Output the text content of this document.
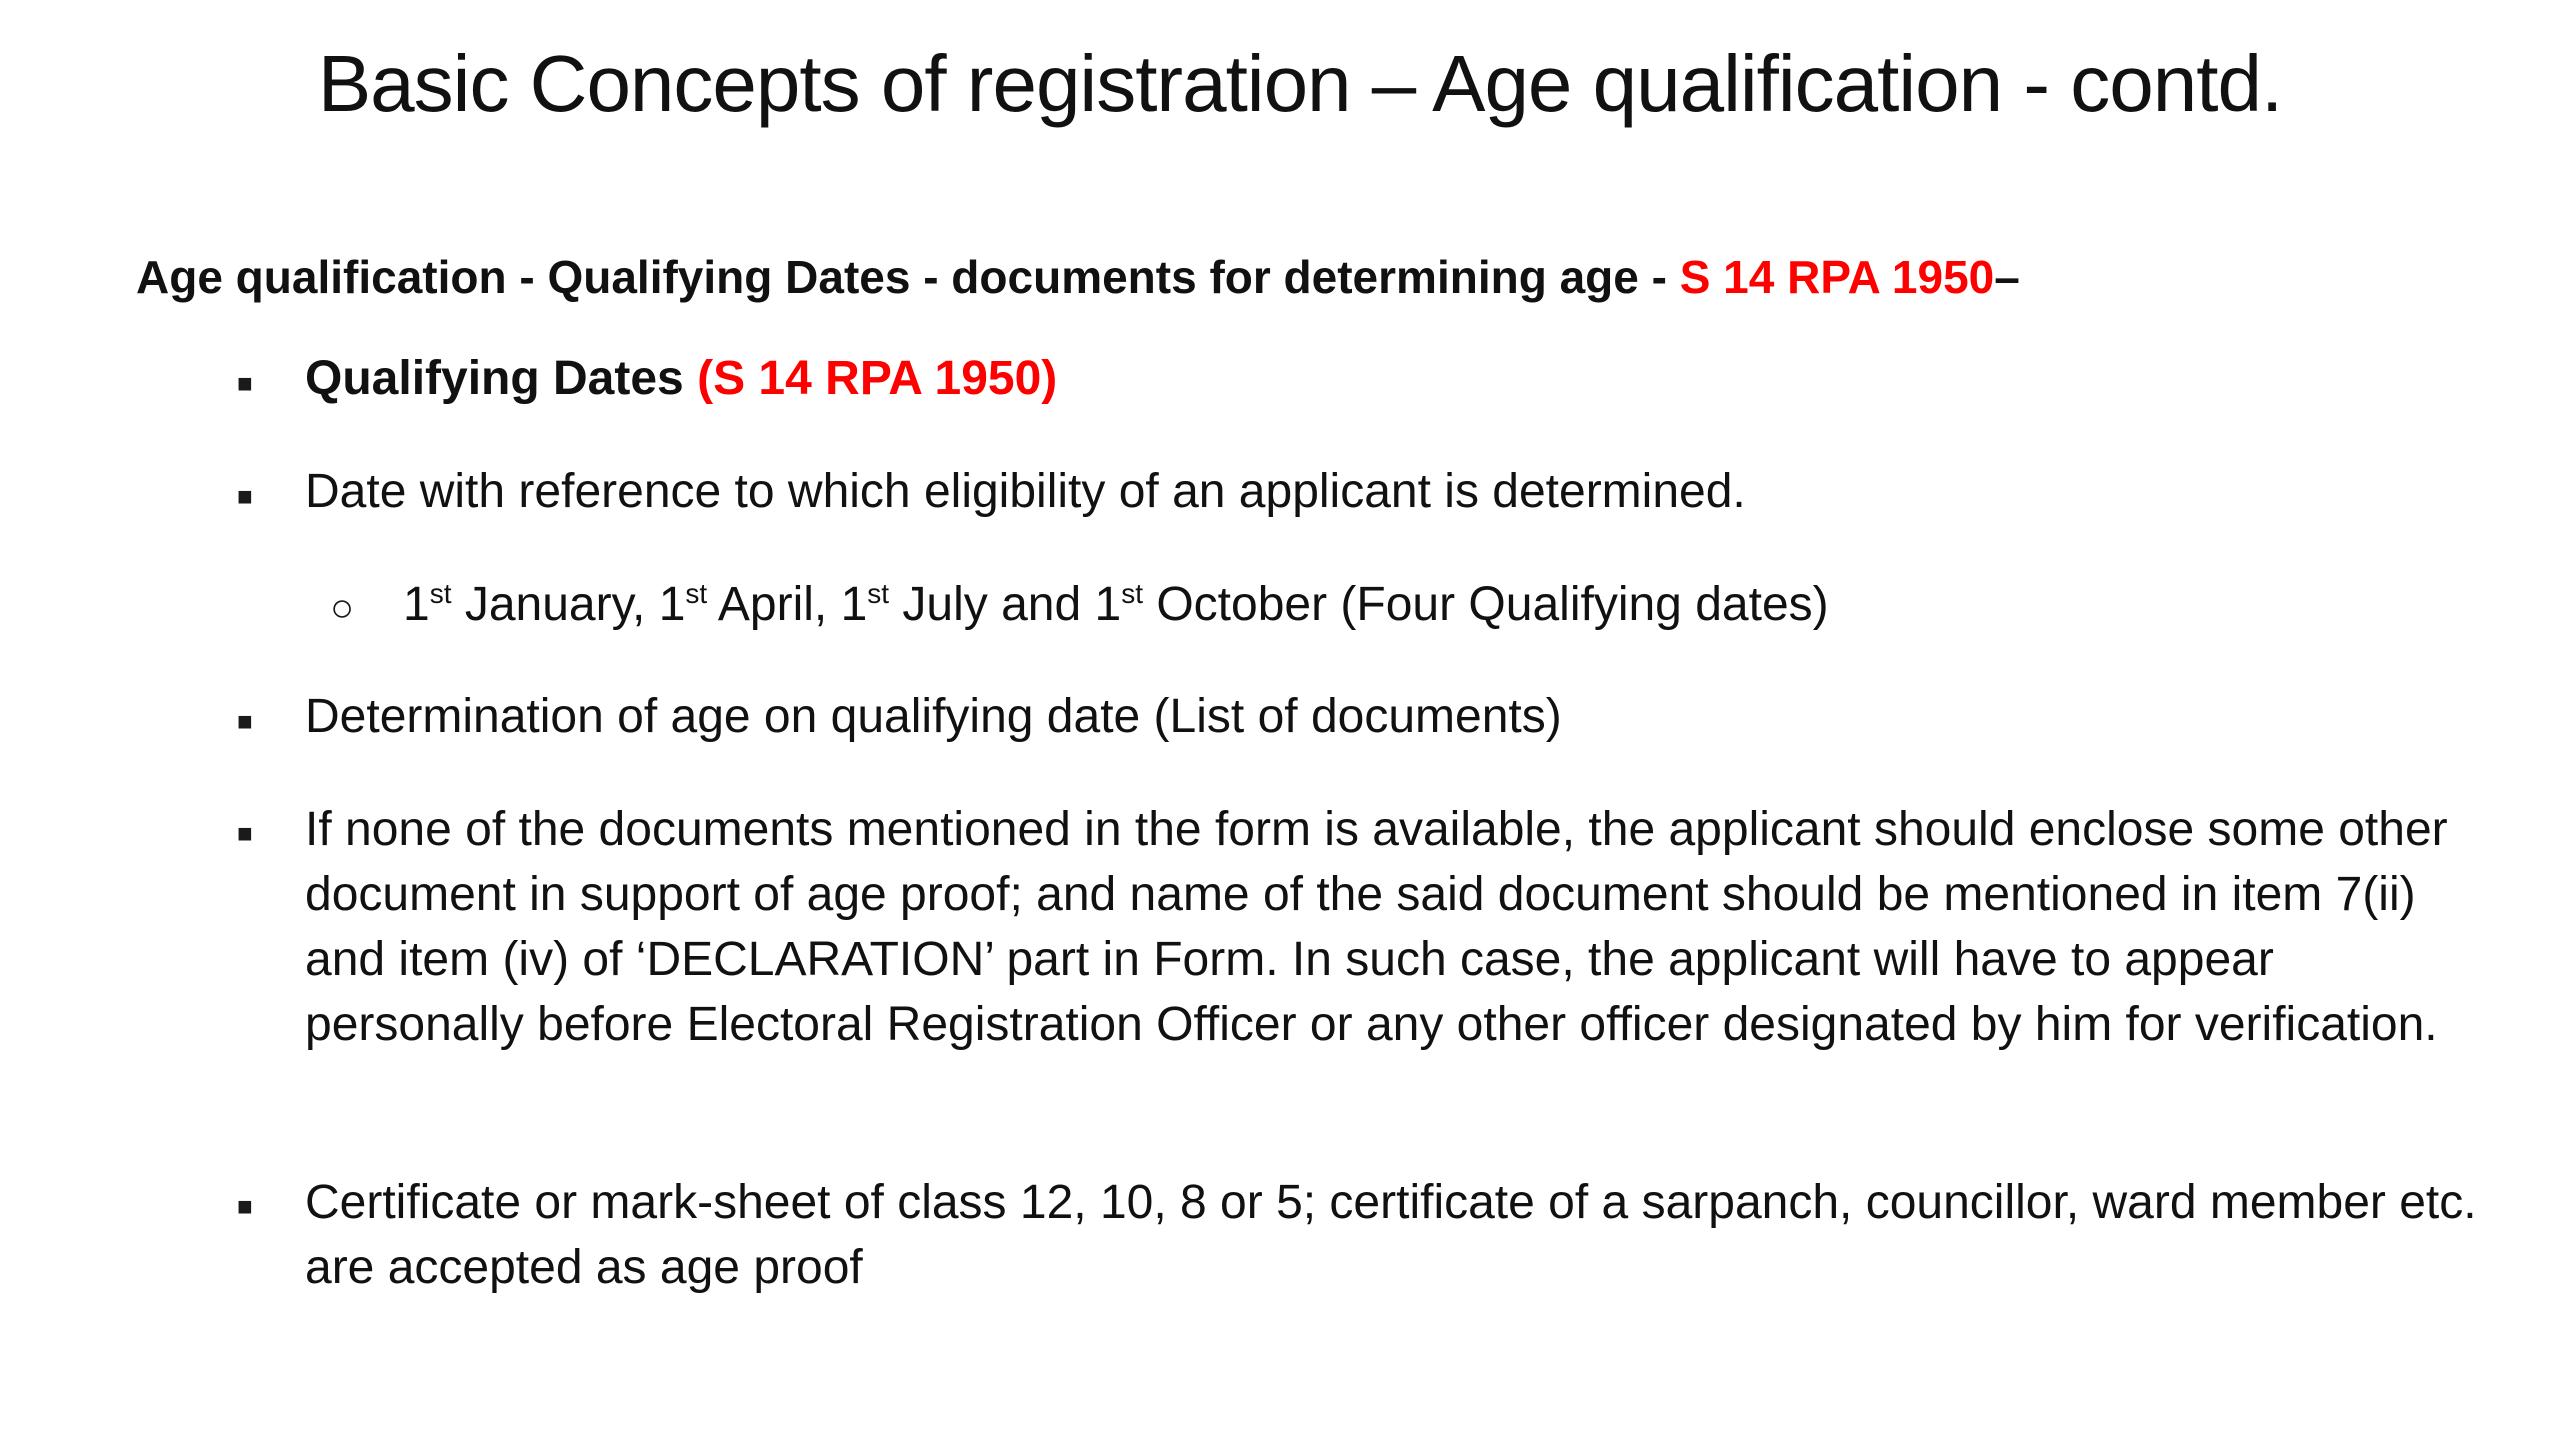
Basic Concepts of registration – Age qualification - contd.
Age qualification - Qualifying Dates - documents for determining age - S 14 RPA 1950–
■ Qualifying Dates (S 14 RPA 1950)
■ Date with reference to which eligibility of an applicant is determined.
○ 1st January, 1st April, 1st July and 1st October (Four Qualifying dates)
■ Determination of age on qualifying date (List of documents)
■ If none of the documents mentioned in the form is available, the applicant should enclose some other document in support of age proof; and name of the said document should be mentioned in item 7(ii) and item (iv) of ‘DECLARATION’ part in Form. In such case, the applicant will have to appear personally before Electoral Registration Officer or any other officer designated by him for verification.
■ Certificate or mark-sheet of class 12, 10, 8 or 5; certificate of a sarpanch, councillor, ward member etc. are accepted as age proof
